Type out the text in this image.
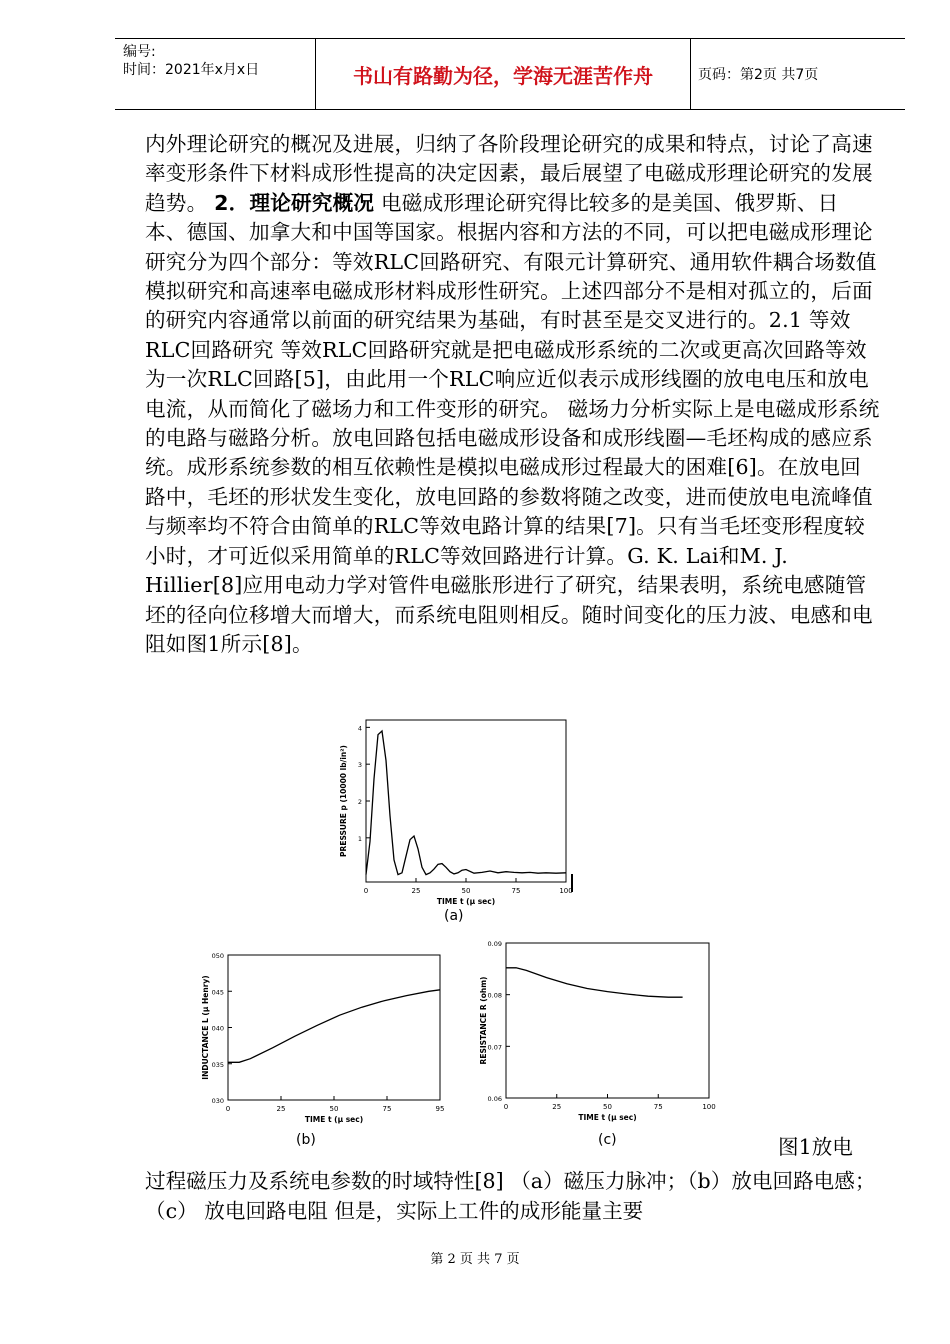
编号:
时间：2021年x月x日	书山有路勤为径，学海无涯苦作舟	页码：第2页 共7页
内外理论研究的概况及进展，归纳了各阶段理论研究的成果和特点，讨论了高速率变形条件下材料成形性提高的决定因素，最后展望了电磁成形理论研究的发展趋势。 2．理论研究概况 电磁成形理论研究得比较多的是美国、俄罗斯、日本、德国、加拿大和中国等国家。根据内容和方法的不同，可以把电磁成形理论研究分为四个部分：等效RLC回路研究、有限元计算研究、通用软件耦合场数值模拟研究和高速率电磁成形材料成形性研究。上述四部分不是相对孤立的，后面的研究内容通常以前面的研究结果为基础，有时甚至是交叉进行的。2.1 等效RLC回路研究 等效RLC回路研究就是把电磁成形系统的二次或更高次回路等效为一次RLC回路[5]，由此用一个RLC响应近似表示成形线圈的放电电压和放电电流，从而简化了磁场力和工件变形的研究。 磁场力分析实际上是电磁成形系统的电路与磁路分析。放电回路包括电磁成形设备和成形线圈—毛坯构成的感应系统。成形系统参数的相互依赖性是模拟电磁成形过程最大的困难[6]。在放电回路中，毛坯的形状发生变化，放电回路的参数将随之改变，进而使放电电流峰值与频率均不符合由简单的RLC等效电路计算的结果[7]。只有当毛坯变形程度较小时，才可近似采用简单的RLC等效回路进行计算。G. K. Lai和M. J. Hillier[8]应用电动力学对管件电磁胀形进行了研究，结果表明，系统电感随管坯的径向位移增大而增大，而系统电阻则相反。随时间变化的压力波、电感和电阻如图1所示[8]。
0	25	50	75	100
1
2
3
4
TIME t (μ sec)
PRESSURE p (10000 lb/in²)
(a)
0	25	50	75	95
030
035
040
045
050
TIME t (μ sec)
INDUCTANCE L (μ Henry)
(b)
0	25	50	75	100
0.06
0.07
0.08
0.09
TIME t (μ sec)
RESISTANCE R (ohm)
(c)	图1放电
过程磁压力及系统电参数的时域特性[8] （a）磁压力脉冲；（b）放电回路电感；（c） 放电回路电阻 但是，实际上工件的成形能量主要
第 2 页 共 7 页
